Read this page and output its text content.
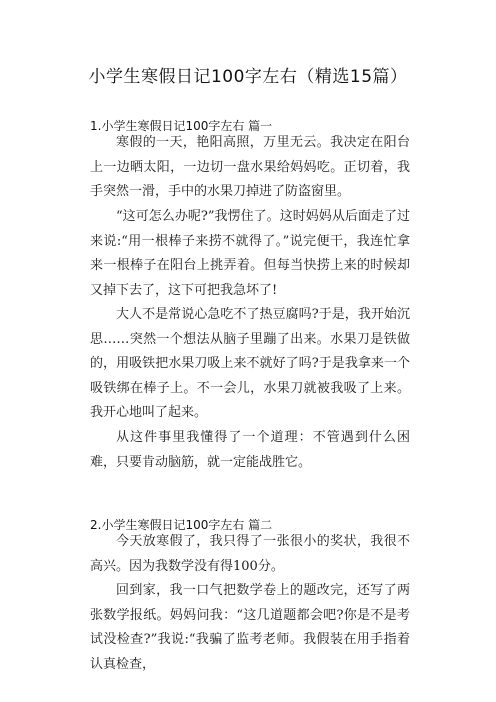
小学生寒假日记100字左右（精选15篇）
1.小学生寒假日记100字左右 篇一
寒假的一天，艳阳高照，万里无云。我决定在阳台上一边晒太阳，一边切一盘水果给妈妈吃。正切着，我手突然一滑，手中的水果刀掉进了防盗窗里。
“这可怎么办呢?”我愣住了。这时妈妈从后面走了过来说:“用一根棒子来捞不就得了。”说完便干，我连忙拿来一根棒子在阳台上挑弄着。但每当快捞上来的时候却又掉下去了，这下可把我急坏了!
大人不是常说心急吃不了热豆腐吗?于是，我开始沉思……突然一个想法从脑子里蹦了出来。水果刀是铁做的，用吸铁把水果刀吸上来不就好了吗?于是我拿来一个吸铁绑在棒子上。不一会儿，水果刀就被我吸了上来。我开心地叫了起来。
从这件事里我懂得了一个道理：不管遇到什么困难，只要肯动脑筋，就一定能战胜它。
2.小学生寒假日记100字左右 篇二
今天放寒假了，我只得了一张很小的奖状，我很不高兴。因为我数学没有得100分。
回到家，我一口气把数学卷上的题改完，还写了两张数学报纸。妈妈问我：“这几道题都会吧?你是不是考试没检查?”我说:“我骗了监考老师。我假装在用手指着认真检查，
